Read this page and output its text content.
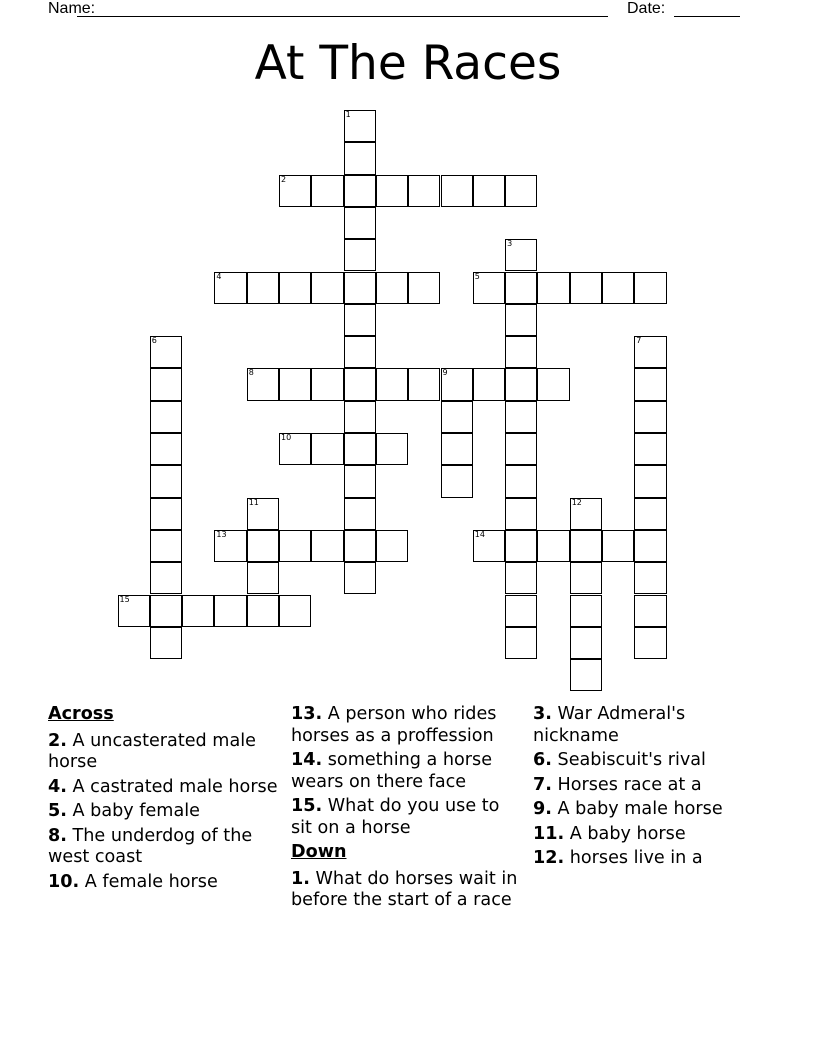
Name:	Date:
At The Races
1
2
3
4	5
6	7
8	9
10
11	12
13	14
15
Across
2. A uncasterated male horse
4. A castrated male horse
5. A baby female
8. The underdog of the west coast
10. A female horse
13. A person who rides horses as a proffession
14. something a horse wears on there face
15. What do you use to sit on a horse
Down
1. What do horses wait in before the start of a race
3. War Admeral's nickname
6. Seabiscuit's rival
7. Horses race at a
9. A baby male horse
11. A baby horse
12. horses live in a
